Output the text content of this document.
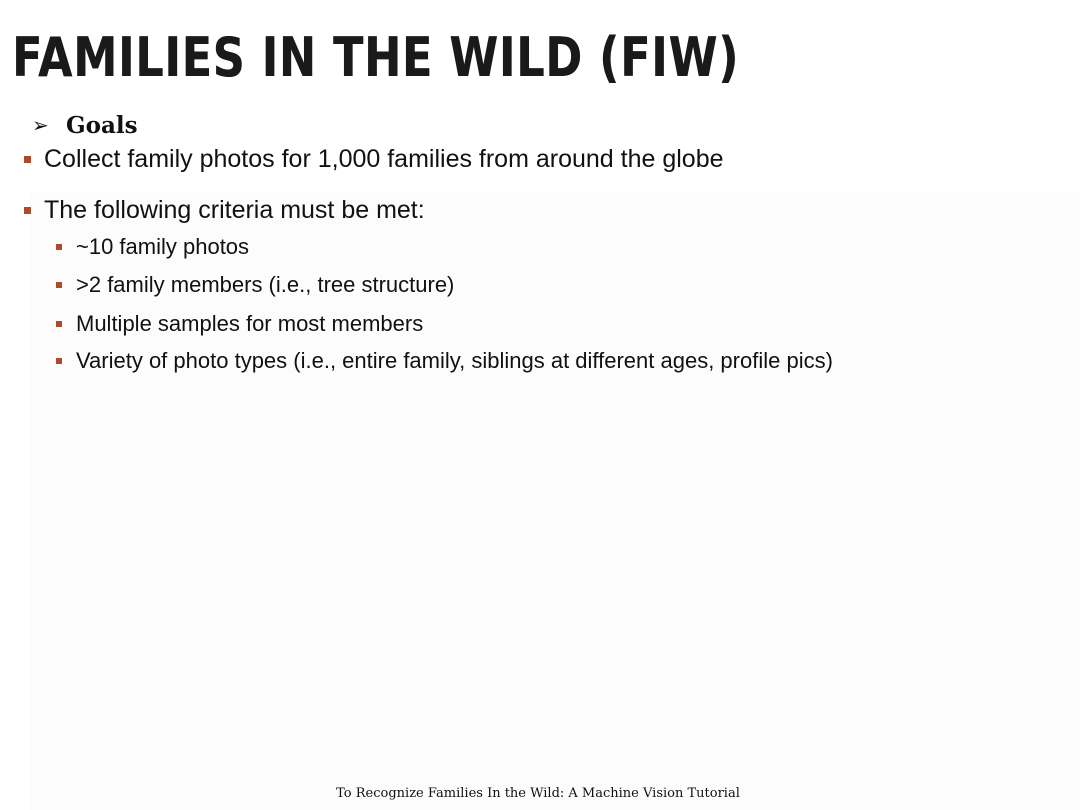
FAMILIES IN THE WILD (FIW)
➢ Goals
Collect family photos for 1,000 families from around the globe
The following criteria must be met:
~10 family photos
>2 family members (i.e., tree structure)
Multiple samples for most members
Variety of photo types (i.e., entire family, siblings at different ages, profile pics)
To Recognize Families In the Wild: A Machine Vision Tutorial
